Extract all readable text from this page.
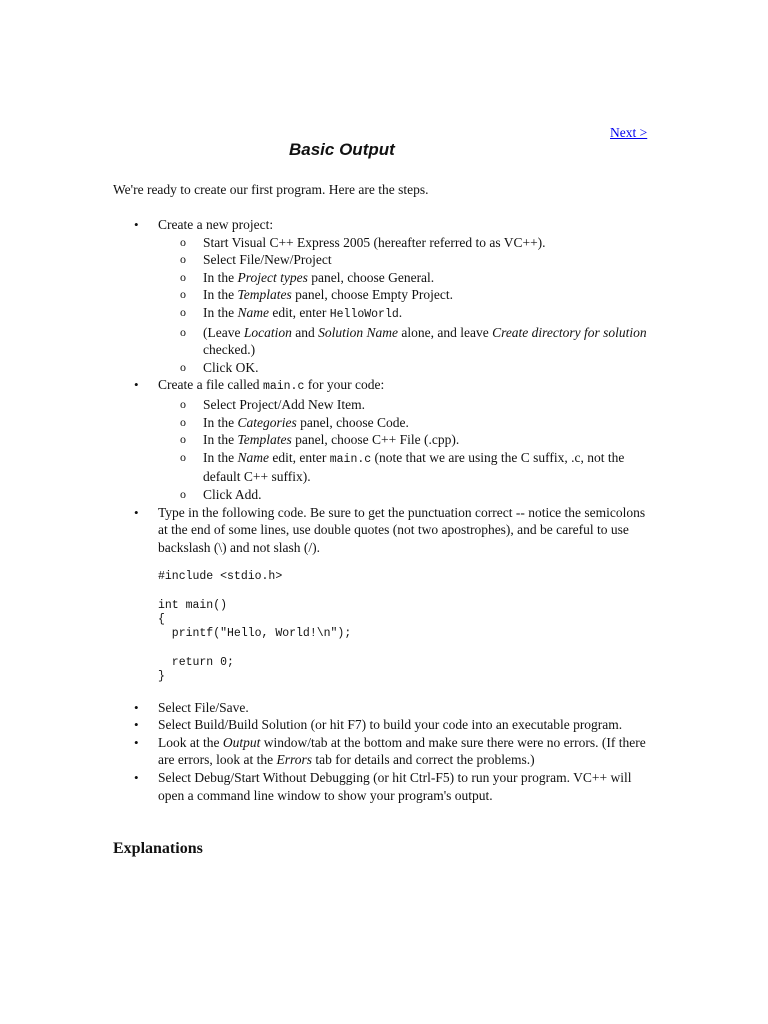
Next >
Basic Output

We're ready to create our first program. Here are the steps.

• Create a new project:
o Start Visual C++ Express 2005 (hereafter referred to as VC++).
o Select File/New/Project
o In the Project types panel, choose General.
o In the Templates panel, choose Empty Project.
o In the Name edit, enter HelloWorld.
o (Leave Location and Solution Name alone, and leave Create directory for solution checked.)
o Click OK.
• Create a file called main.c for your code:
o Select Project/Add New Item.
o In the Categories panel, choose Code.
o In the Templates panel, choose C++ File (.cpp).
o In the Name edit, enter main.c (note that we are using the C suffix, .c, not the default C++ suffix).
o Click Add.
• Type in the following code. Be sure to get the punctuation correct -- notice the semicolons at the end of some lines, use double quotes (not two apostrophes), and be careful to use backslash (\) and not slash (/).
#include <stdio.h>

int main()
{
printf("Hello, World!\n");

return 0;
}
• Select File/Save.
• Select Build/Build Solution (or hit F7) to build your code into an executable program.
• Look at the Output window/tab at the bottom and make sure there were no errors. (If there are errors, look at the Errors tab for details and correct the problems.)
• Select Debug/Start Without Debugging (or hit Ctrl-F5) to run your program. VC++ will open a command line window to show your program's output.
Explanations
